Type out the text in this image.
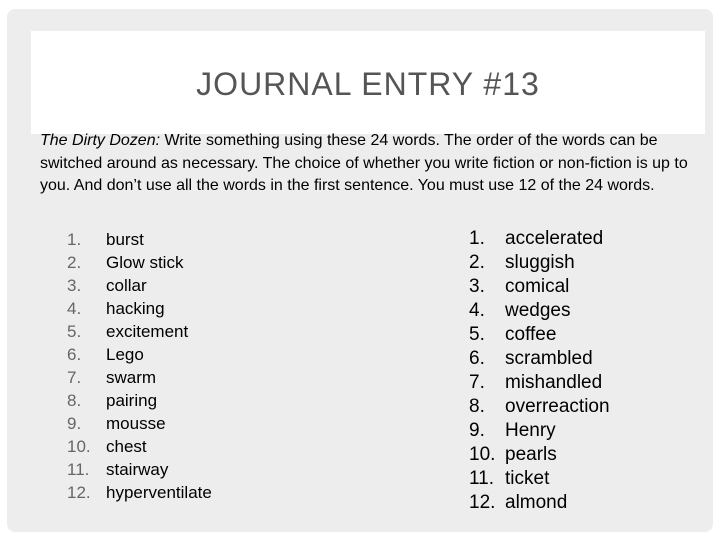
JOURNAL ENTRY #13
The Dirty Dozen: Write something using these 24 words. The order of the words can be switched around as necessary. The choice of whether you write fiction or non-fiction is up to you. And don’t use all the words in the first sentence. You must use 12 of the 24 words.
1.	burst
2.	Glow stick
3.	collar
4.	hacking
5.	excitement
6.	Lego
7.	swarm
8.	pairing
9.	mousse
10. chest
11. stairway
12. hyperventilate
1.	accelerated
2.	sluggish
3.	comical
4.	wedges
5.	coffee
6.	scrambled
7.	mishandled
8.	overreaction
9.	Henry
10. pearls
11. ticket
12. almond
